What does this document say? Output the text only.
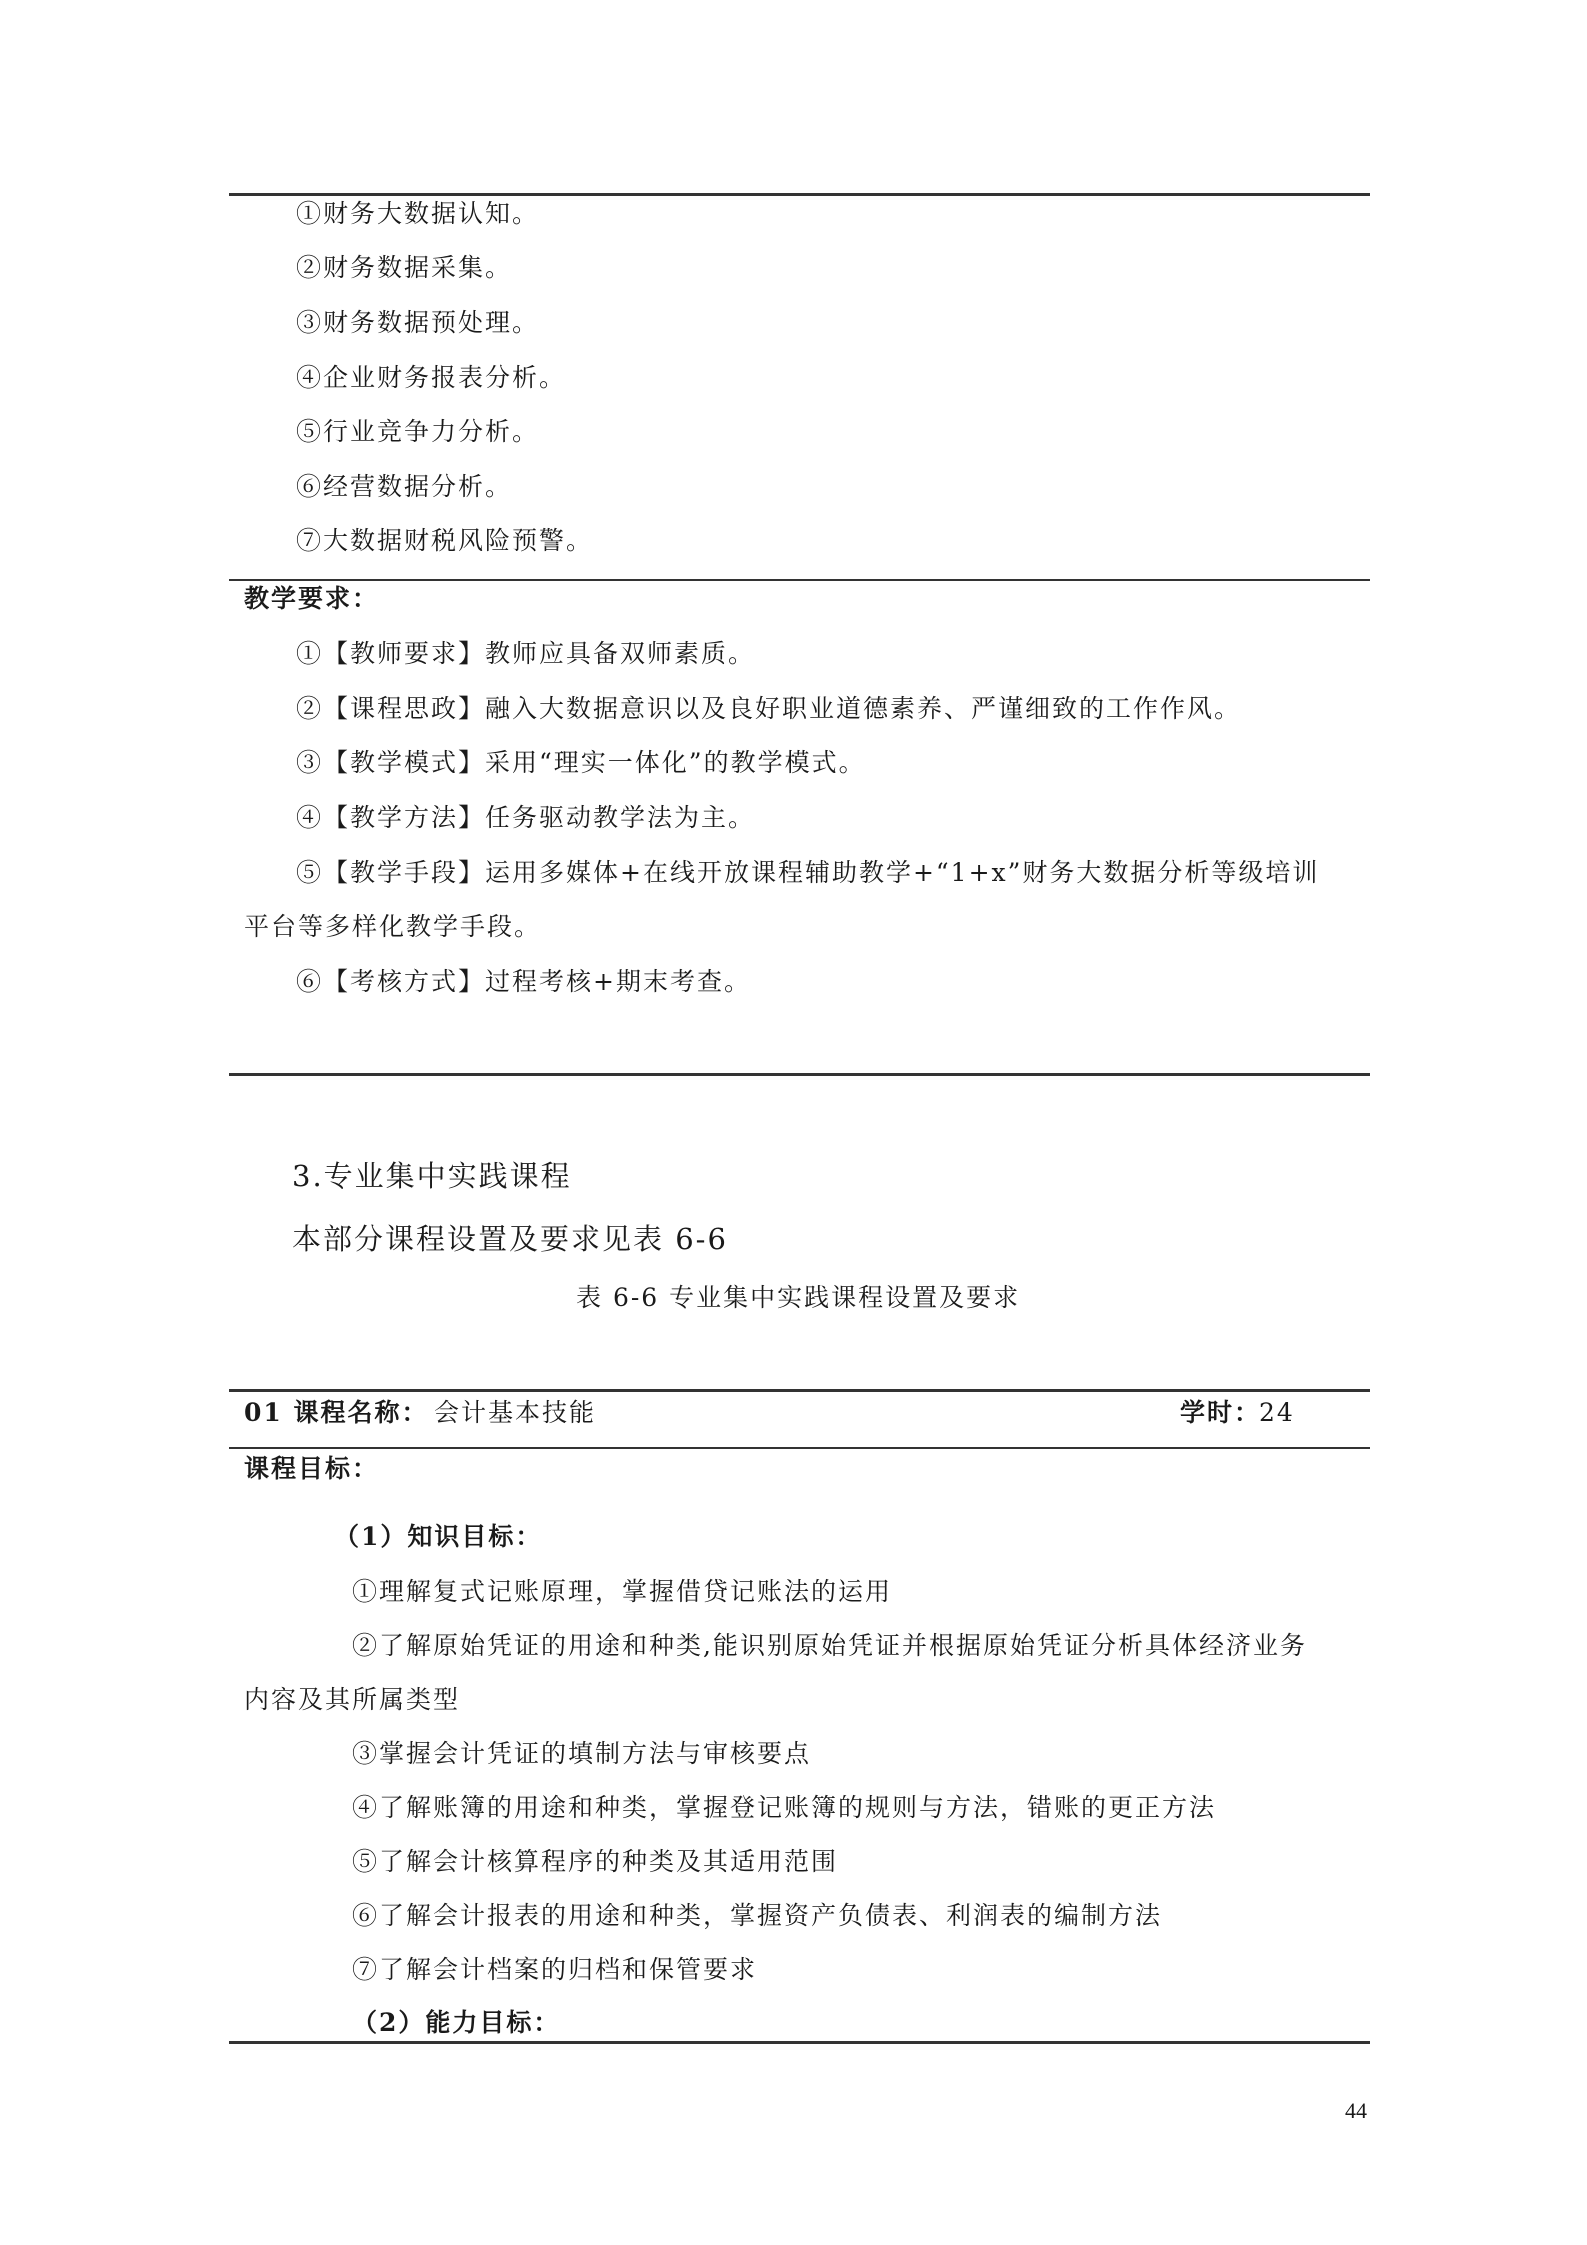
①财务大数据认知。
②财务数据采集。
③财务数据预处理。
④企业财务报表分析。
⑤行业竞争力分析。
⑥经营数据分析。
⑦大数据财税风险预警。
教学要求：
①【教师要求】教师应具备双师素质。
②【课程思政】融入大数据意识以及良好职业道德素养、严谨细致的工作作风。
③【教学模式】采用“理实一体化”的教学模式。
④【教学方法】任务驱动教学法为主。
⑤【教学手段】运用多媒体+在线开放课程辅助教学+“1+x”财务大数据分析等级培训
平台等多样化教学手段。
⑥【考核方式】过程考核+期末考查。
3.专业集中实践课程
本部分课程设置及要求见表 6-6
表 6-6 专业集中实践课程设置及要求
01 课程名称： 会计基本技能	学时：
24
课程目标：
（1）知识目标：
①理解复式记账原理，掌握借贷记账法的运用
②了解原始凭证的用途和种类,能识别原始凭证并根据原始凭证分析具体经济业务
内容及其所属类型
③掌握会计凭证的填制方法与审核要点
④了解账簿的用途和种类，掌握登记账簿的规则与方法，错账的更正方法
⑤了解会计核算程序的种类及其适用范围
⑥了解会计报表的用途和种类，掌握资产负债表、利润表的编制方法
⑦了解会计档案的归档和保管要求
（2）能力目标：
44
